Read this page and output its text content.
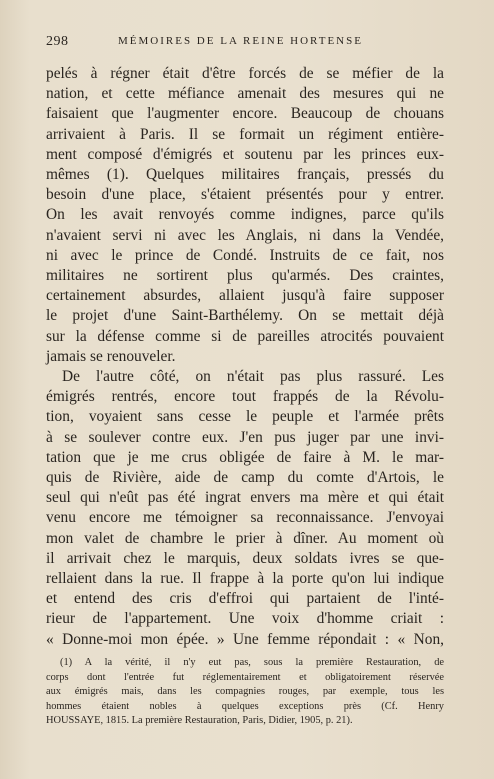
298	MÉMOIRES DE LA REINE HORTENSE
pelés à régner était d'être forcés de se méfier de la
nation, et cette méfiance amenait des mesures qui ne
faisaient que l'augmenter encore. Beaucoup de chouans
arrivaient à Paris. Il se formait un régiment entière-
ment composé d'émigrés et soutenu par les princes eux-
mêmes (1). Quelques militaires français, pressés du
besoin d'une place, s'étaient présentés pour y entrer.
On les avait renvoyés comme indignes, parce qu'ils
n'avaient servi ni avec les Anglais, ni dans la Vendée,
ni avec le prince de Condé. Instruits de ce fait, nos
militaires ne sortirent plus qu'armés. Des craintes,
certainement absurdes, allaient jusqu'à faire supposer
le projet d'une Saint-Barthélemy. On se mettait déjà
sur la défense comme si de pareilles atrocités pouvaient
jamais se renouveler.
De l'autre côté, on n'était pas plus rassuré. Les
émigrés rentrés, encore tout frappés de la Révolu-
tion, voyaient sans cesse le peuple et l'armée prêts
à se soulever contre eux. J'en pus juger par une invi-
tation que je me crus obligée de faire à M. le mar-
quis de Rivière, aide de camp du comte d'Artois, le
seul qui n'eût pas été ingrat envers ma mère et qui était
venu encore me témoigner sa reconnaissance. J'envoyai
mon valet de chambre le prier à dîner. Au moment où
il arrivait chez le marquis, deux soldats ivres se que-
rellaient dans la rue. Il frappe à la porte qu'on lui indique
et entend des cris d'effroi qui partaient de l'inté-
rieur de l'appartement. Une voix d'homme criait :
« Donne-moi mon épée. » Une femme répondait : « Non,
(1) A la vérité, il n'y eut pas, sous la première Restauration, de
corps dont l'entrée fut réglementairement et obligatoirement réservée
aux émigrés mais, dans les compagnies rouges, par exemple, tous les
hommes étaient nobles à quelques exceptions près (Cf. Henry
HOUSSAYE, 1815. La première Restauration, Paris, Didier, 1905, p. 21).
